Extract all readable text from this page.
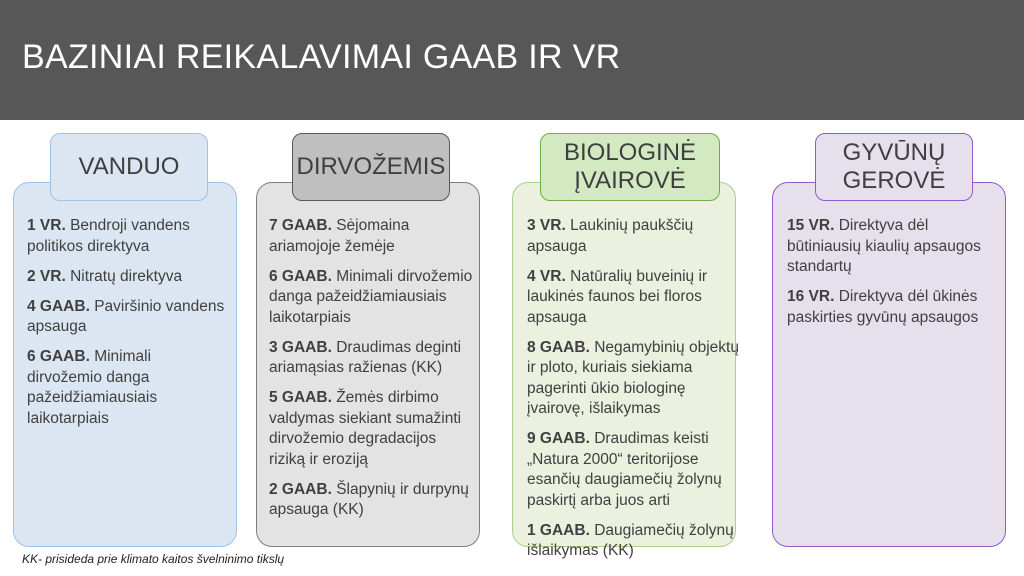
BAZINIAI REIKALAVIMAI GAAB IR VR
VANDUO
1 VR. Bendroji vandens politikos direktyva
2 VR. Nitratų direktyva
4 GAAB. Paviršinio vandens apsauga
6 GAAB. Minimali dirvožemio danga pažeidžiamiausiais laikotarpiais
DIRVOŽEMIS
7 GAAB. Sėjomaina ariamojoje žemėje
6 GAAB. Minimali dirvožemio danga pažeidžiamiausiais laikotarpiais
3 GAAB. Draudimas deginti ariamąsias ražienas (KK)
5 GAAB. Žemės dirbimo valdymas siekiant sumažinti dirvožemio degradacijos riziką ir eroziją
2 GAAB. Šlapynių ir durpynų apsauga (KK)
BIOLOGINĖ
ĮVAIROVĖ
3 VR. Laukinių paukščių apsauga
4 VR. Natūralių buveinių ir laukinės faunos bei floros apsauga
8 GAAB. Negamybinių objektų ir ploto, kuriais siekiama pagerinti ūkio biologinę įvairovę, išlaikymas
9 GAAB. Draudimas keisti „Natura 2000“ teritorijose esančių daugiamečių žolynų paskirtį arba juos arti
1 GAAB. Daugiamečių žolynų išlaikymas (KK)
GYVŪNŲ
GEROVĖ
15 VR. Direktyva dėl būtiniausių kiaulių apsaugos standartų
16 VR. Direktyva dėl ūkinės paskirties gyvūnų apsaugos
KK- prisideda prie klimato kaitos švelninimo tikslų
